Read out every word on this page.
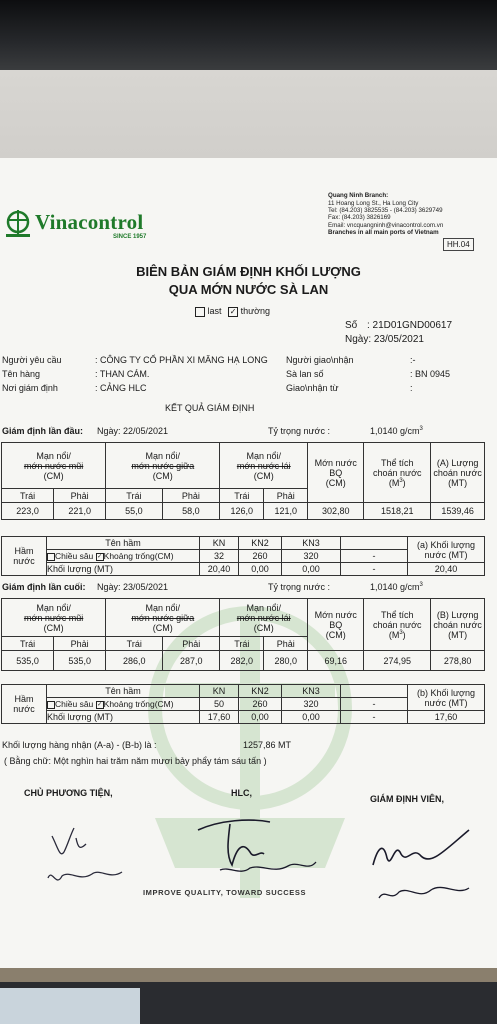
Quang Ninh Branch:
11 Hoang Long St., Ha Long City
Tel: (84.203) 3825535 - (84.203) 3629749
Fax: (84.203) 3826169
Email: vncquangninh@vinacontrol.com.vn
Branches in all main ports of Vietnam
Vinacontrol
SINCE 1957
HH.04
BIÊN BẢN GIÁM ĐỊNH KHỐI LƯỢNG
QUA MỚN NƯỚC SÀ LAN
last ✓ thường
Số : 21D01GND00617
Ngày: 23/05/2021
Người yêu cầu	: CÔNG TY CỔ PHẦN XI MĂNG HẠ LONG
Tên hàng	: THAN CÁM.
Nơi giám định	: CẢNG HLC
Người giao\nhận	:-
Sà lan số	: BN 0945
Giao\nhận từ	:
KẾT QUẢ GIÁM ĐỊNH
Giám định lần đầu: Ngày: 22/05/2021	Tỷ trọng nước :	1,0140 $g/cm^3$
Mạn nổi/
mớn nước mũi
(CM)		Mạn nổi/
mớn nước giữa
(CM)		Mạn nổi/
mớn nước lái
(CM)		Mớn nước
BQ
(CM)	Thể tích
choán nước
$(M^3)$	(A) Lượng
choán nước
(MT)
Trái	Phải	Trái	Phải	Trái	Phải			
223,0	221,0	55,0	58,0	126,0	121,0	302,80	1518,21	1539,46
Hầm
nước	Tên hầm	KN	KN2	KN3		(a) Khối lượng
nước (MT)
	Chiều sâu ✓Khoảng trống(CM)	32	260	320	-	
	Khối lượng (MT)	20,40	0,00	0,00	-	20,40
Giám định lần cuối: Ngày: 23/05/2021	Tỷ trọng nước :	1,0140 $g/cm^3$
Mạn nổi/
mớn nước mũi
(CM)		Mạn nổi/
mớn nước giữa
(CM)		Mạn nổi/
mớn nước lái
(CM)		Mớn nước
BQ
(CM)	Thể tích
choán nước
$(M^3)$	(B) Lượng
choán nước
(MT)
Trái	Phải	Trái	Phải	Trái	Phải			
535,0	535,0	286,0	287,0	282,0	280,0	69,16	274,95	278,80
Hầm
nước	Tên hầm	KN	KN2	KN3		(b) Khối lượng
nước (MT)
	Chiều sâu ✓Khoảng trống(CM)	50	260	320	-	
	Khối lượng (MT)	17,60	0,00	0,00	-	17,60
Khối lượng hàng nhận (A-a) - (B-b) là :	1257,86 MT
( Bằng chữ: Một nghìn hai trăm năm mươi bảy phẩy tám sáu tấn )
CHỦ PHƯƠNG TIỆN,	HLC,
GIÁM ĐỊNH VIÊN,
IMPROVE QUALITY, TOWARD SUCCESS
